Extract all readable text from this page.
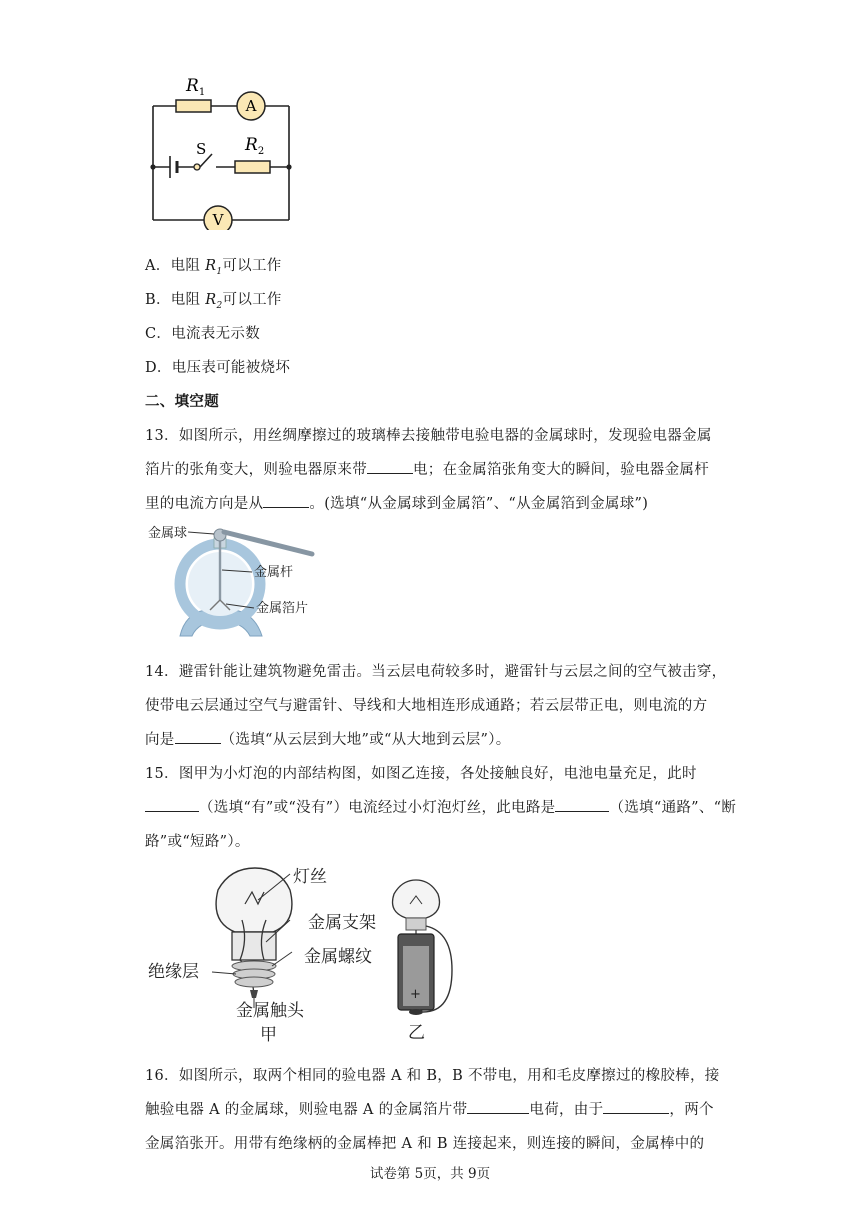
A
V
$R_1$
S $R_2$
A．电阻 $R_1$可以工作
B．电阻 $R_2$可以工作
C．电流表无示数
D．电压表可能被烧坏
二、填空题
13．如图所示，用丝绸摩擦过的玻璃棒去接触带电验电器的金属球时，发现验电器金属
箔片的张角变大，则验电器原来带	电；在金属箔张角变大的瞬间，验电器金属杆
里的电流方向是从	。(选填“从金属球到金属箔”、“从金属箔到金属球”)
金属球
金属杆
金属箔片
14．避雷针能让建筑物避免雷击。当云层电荷较多时，避雷针与云层之间的空气被击穿，
使带电云层通过空气与避雷针、导线和大地相连形成通路；若云层带正电，则电流的方
向是	（选填“从云层到大地”或“从大地到云层”）。
15．图甲为小灯泡的内部结构图，如图乙连接，各处接触良好，电池电量充足，此时
（选填“有”或“没有”）电流经过小灯泡灯丝，此电路是	（选填“通路”、“断
路”或“短路”）。
灯丝
金属支架
金属螺纹
绝缘层
金属触头
甲
+
乙
16．如图所示，取两个相同的验电器 A 和 B，B 不带电，用和毛皮摩擦过的橡胶棒，接
触验电器 A 的金属球，则验电器 A 的金属箔片带	电荷，由于	，两个
金属箔张开。用带有绝缘柄的金属棒把 A 和 B 连接起来，则连接的瞬间，金属棒中的
试卷第 5页，共 9页
